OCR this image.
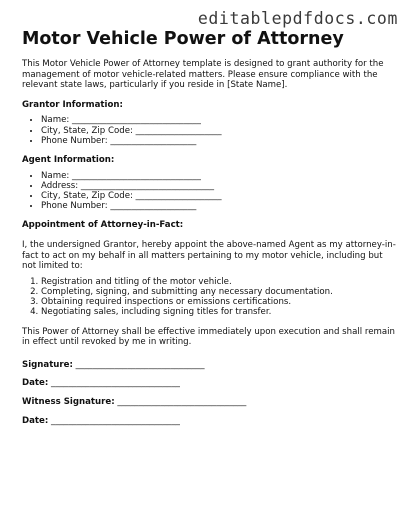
editablepdfdocs.com
Motor Vehicle Power of Attorney

This Motor Vehicle Power of Attorney template is designed to grant authority for the management of motor vehicle-related matters. Please ensure compliance with the relevant state laws, particularly if you reside in [State Name].

Grantor Information:
• Name: ______________________________
• City, State, Zip Code: ____________________
• Phone Number: ____________________
Agent Information:
• Name: ______________________________
• Address: _______________________________
• City, State, Zip Code: ____________________
• Phone Number: ____________________
Appointment of Attorney-in-Fact:

I, the undersigned Grantor, hereby appoint the above-named Agent as my attorney-in-fact to act on my behalf in all matters pertaining to my motor vehicle, including but not limited to:

1. Registration and titling of the motor vehicle.
2. Completing, signing, and submitting any necessary documentation.
3. Obtaining required inspections or emissions certifications.
4. Negotiating sales, including signing titles for transfer.

This Power of Attorney shall be effective immediately upon execution and shall remain in effect until revoked by me in writing.

Signature: ______________________________
Date: ______________________________
Witness Signature: ______________________________
Date: ______________________________
